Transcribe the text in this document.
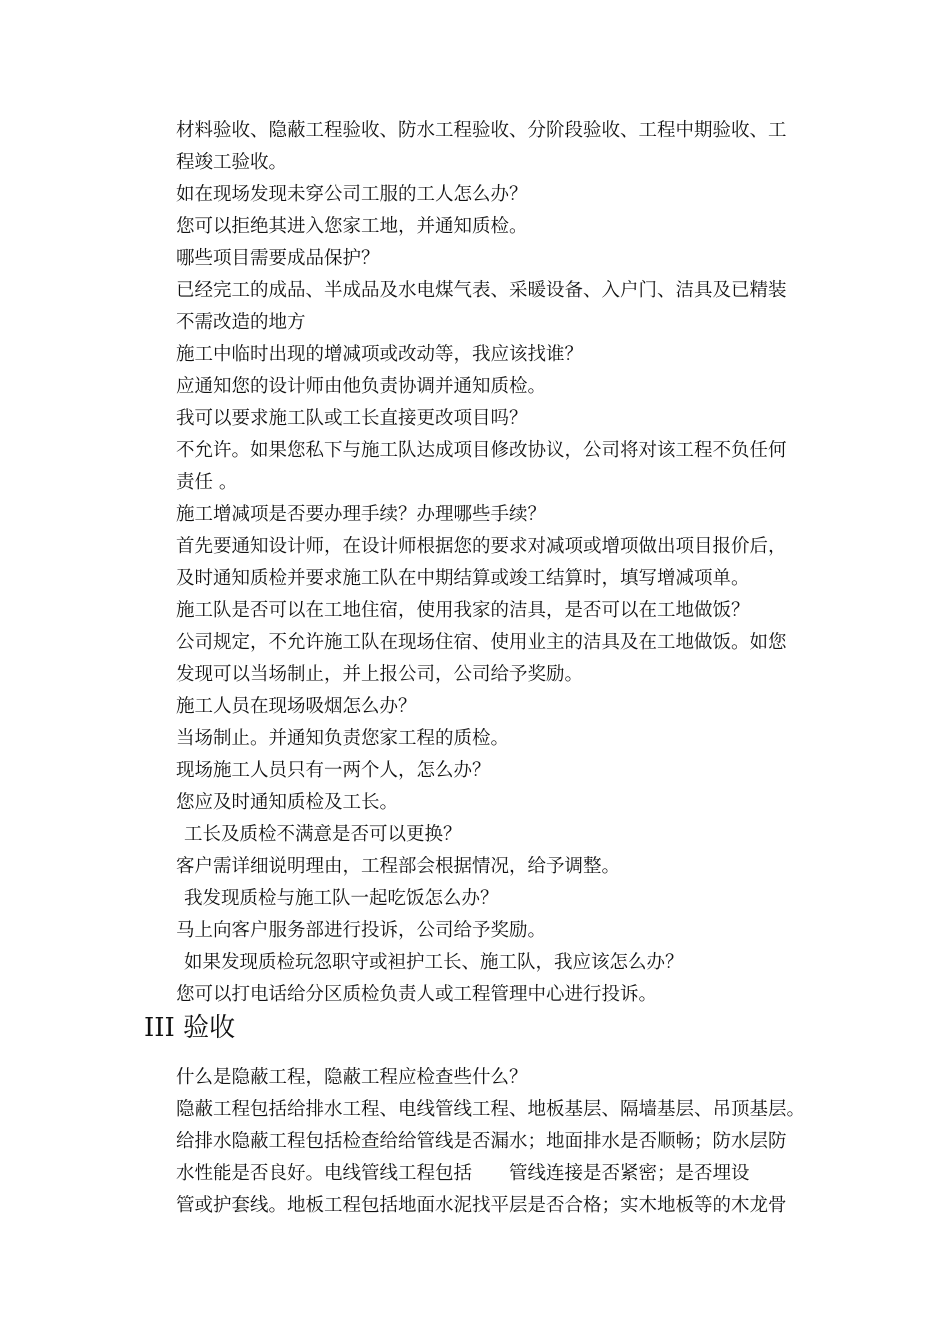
材料验收、隐蔽工程验收、防水工程验收、分阶段验收、工程中期验收、工
程竣工验收。
如在现场发现未穿公司工服的工人怎么办？
您可以拒绝其进入您家工地，并通知质检。
哪些项目需要成品保护？
已经完工的成品、半成品及水电煤气表、采暖设备、入户门、洁具及已精装
不需改造的地方
施工中临时出现的增减项或改动等，我应该找谁？
应通知您的设计师由他负责协调并通知质检。
我可以要求施工队或工长直接更改项目吗？
不允许。如果您私下与施工队达成项目修改协议，公司将对该工程不负任何
责任 。
施工增减项是否要办理手续？办理哪些手续？
首先要通知设计师，在设计师根据您的要求对减项或增项做出项目报价后，
及时通知质检并要求施工队在中期结算或竣工结算时，填写增减项单。
施工队是否可以在工地住宿，使用我家的洁具，是否可以在工地做饭？
公司规定，不允许施工队在现场住宿、使用业主的洁具及在工地做饭。如您
发现可以当场制止，并上报公司，公司给予奖励。
施工人员在现场吸烟怎么办？
当场制止。并通知负责您家工程的质检。
现场施工人员只有一两个人，怎么办？
您应及时通知质检及工长。
工长及质检不满意是否可以更换？
客户需详细说明理由，工程部会根据情况，给予调整。
我发现质检与施工队一起吃饭怎么办？
马上向客户服务部进行投诉，公司给予奖励。
如果发现质检玩忽职守或袒护工长、施工队，我应该怎么办？
您可以打电话给分区质检负责人或工程管理中心进行投诉。
III 验收
什么是隐蔽工程，隐蔽工程应检查些什么？
隐蔽工程包括给排水工程、电线管线工程、地板基层、隔墙基层、吊顶基层。
给排水隐蔽工程包括检查给给管线是否漏水；地面排水是否顺畅；防水层防
水性能是否良好。电线管线工程包括　　管线连接是否紧密；是否埋设
管或护套线。地板工程包括地面水泥找平层是否合格；实木地板等的木龙骨
